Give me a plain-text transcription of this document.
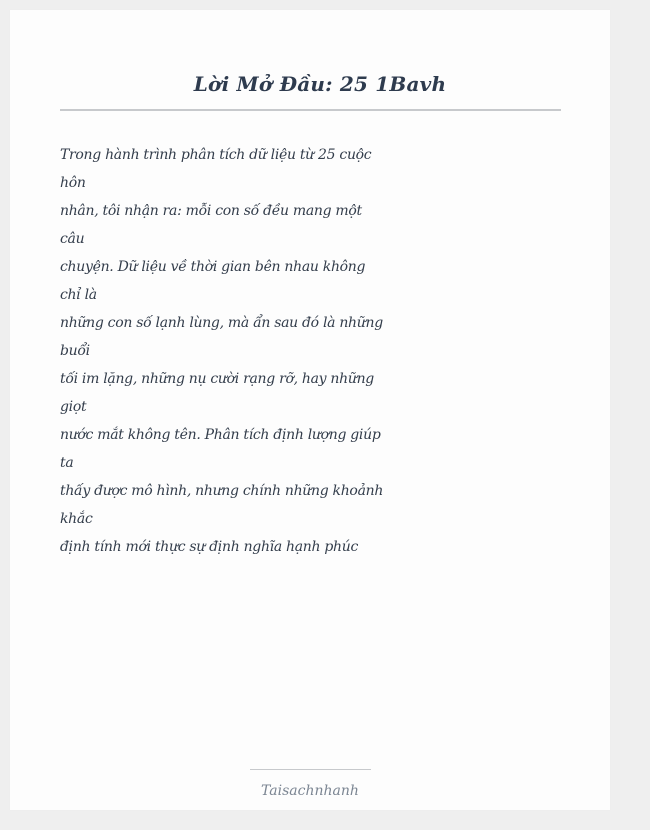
Lời Mở Đầu: 25 1Bavh
Trong hành trình phân tích dữ liệu từ 25 cuộc
hôn
nhân, tôi nhận ra: mỗi con số đều mang một
câu
chuyện. Dữ liệu về thời gian bên nhau không
chỉ là
những con số lạnh lùng, mà ẩn sau đó là những
buổi
tối im lặng, những nụ cười rạng rỡ, hay những
giọt
nước mắt không tên. Phân tích định lượng giúp
ta
thấy được mô hình, nhưng chính những khoảnh
khắc
định tính mới thực sự định nghĩa hạnh phúc
Taisachnhanh
